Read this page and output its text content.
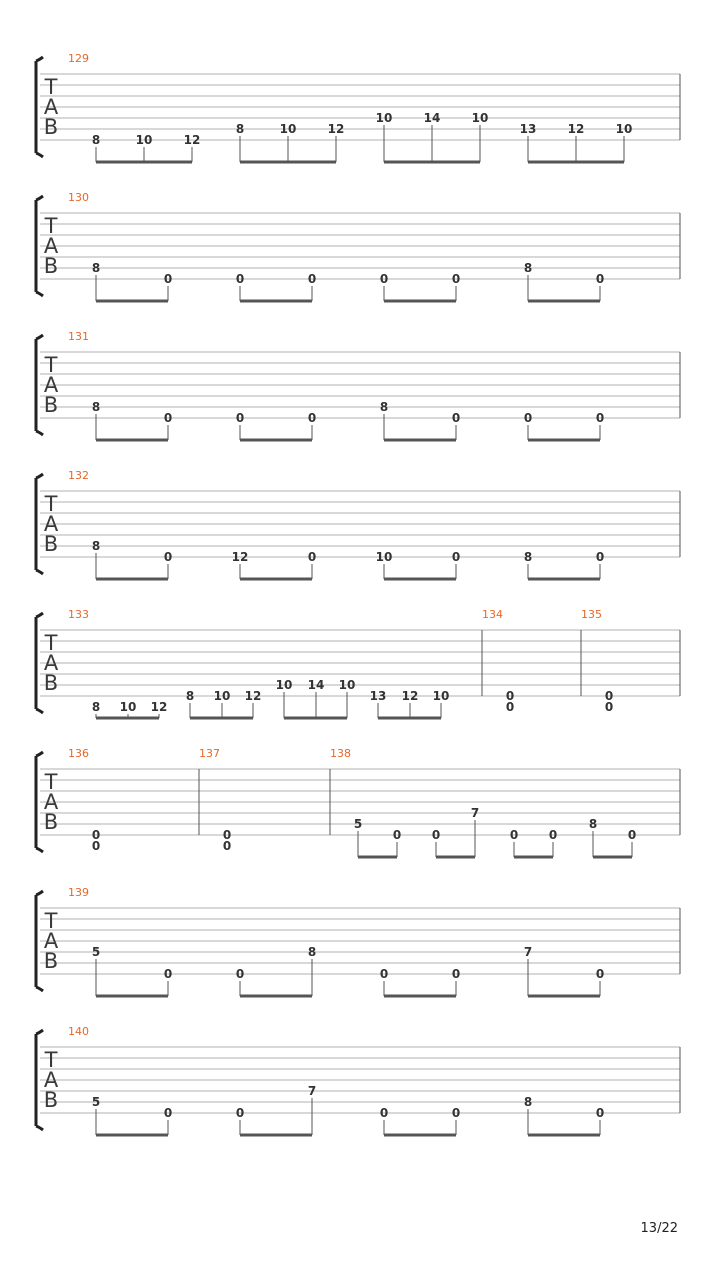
T
A
B
129
8	10	12
8	10	12
10	14	10
13	12	10
T
A
B
130
8
0	0	0	0	0
8
0
T
A
B
131
8
0	0	0
8
0	0	0
T
A
B
132
8
0	12	0	10	0	8	0
T
A
B
133
8 10 12
8 10 12
10 14 10
13 12 10
134
0
0
135
0
0
T
A
B
136
0
0
137
0
0
138
5
0	0
7
0	0
8
0
T
A
B
139
5
0	0
8
0	0
7
0
T
A
B
140
5
0	0
7
0	0
8
0
13/22
